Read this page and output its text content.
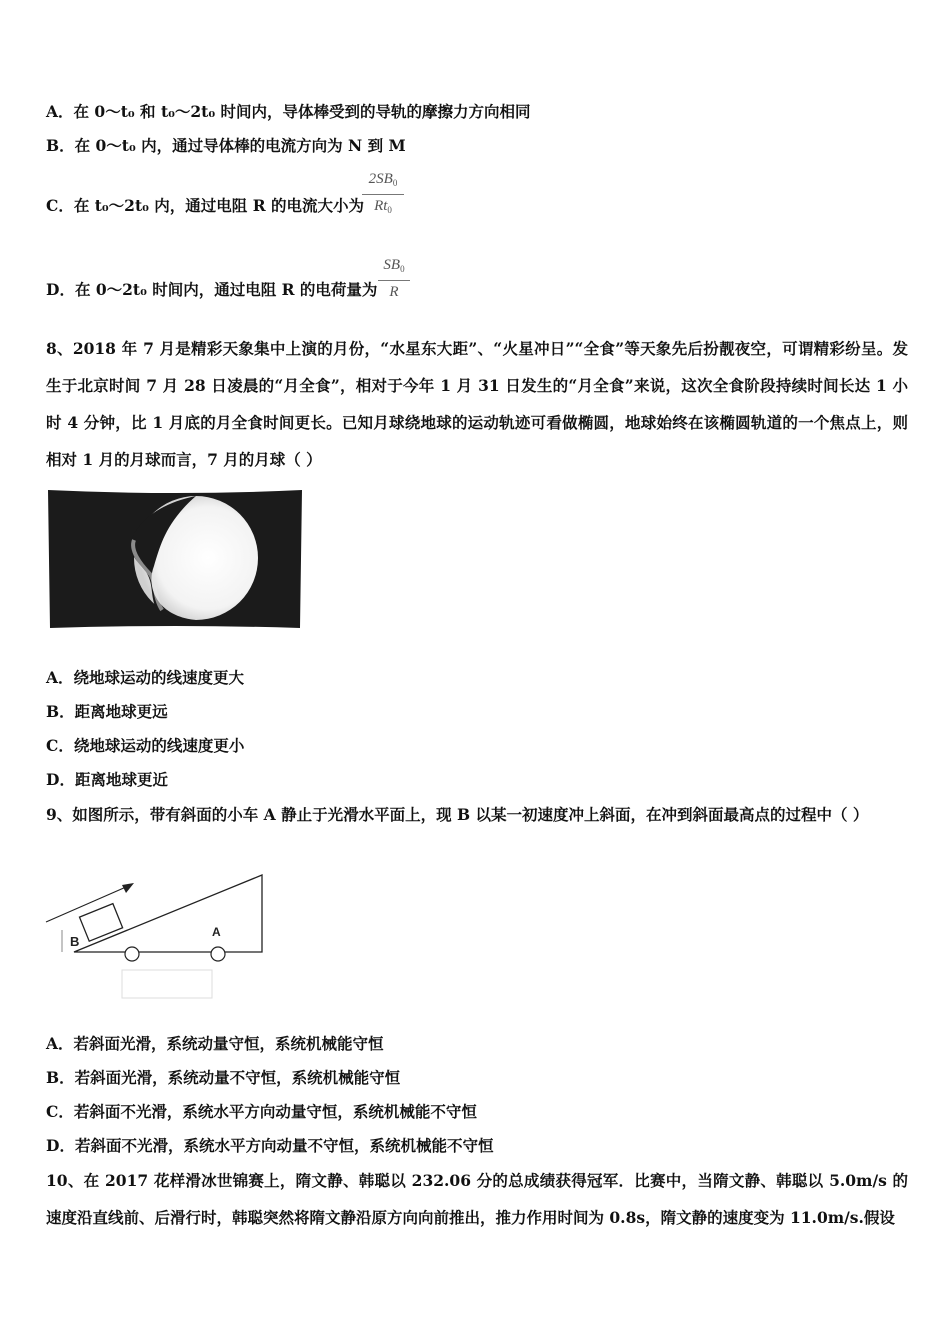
A．在 0～t₀ 和 t₀～2t₀ 时间内，导体棒受到的导轨的摩擦力方向相同
B．在 0～t₀ 内，通过导体棒的电流方向为 N 到 M
C．在 t₀～2t₀ 内，通过电阻 R 的电流大小为
$2SB_0$
$Rt_0$
D．在 0～2t₀ 时间内，通过电阻 R 的电荷量为
$SB_0$
R
8、2018 年 7 月是精彩天象集中上演的月份，“水星东大距”、“火星冲日”“全食”等天象先后扮靓夜空，可谓精彩纷呈。发生于北京时间 7 月 28 日凌晨的“月全食”，相对于今年 1 月 31 日发生的“月全食”来说，这次全食阶段持续时间长达 1 小时 4 分钟，比 1 月底的月全食时间更长。已知月球绕地球的运动轨迹可看做椭圆，地球始终在该椭圆轨道的一个焦点上，则相对 1 月的月球而言，7 月的月球（ ）
A．绕地球运动的线速度更大
B．距离地球更远
C．绕地球运动的线速度更小
D．距离地球更近
9、如图所示，带有斜面的小车 A 静止于光滑水平面上，现 B 以某一初速度冲上斜面，在冲到斜面最高点的过程中（ ）
B
A
A．若斜面光滑，系统动量守恒，系统机械能守恒
B．若斜面光滑，系统动量不守恒，系统机械能守恒
C．若斜面不光滑，系统水平方向动量守恒，系统机械能不守恒
D．若斜面不光滑，系统水平方向动量不守恒，系统机械能不守恒
10、在 2017 花样滑冰世锦赛上，隋文静、韩聪以 232.06 分的总成绩获得冠军．比赛中，当隋文静、韩聪以 5.0m/s 的速度沿直线前、后滑行时，韩聪突然将隋文静沿原方向向前推出，推力作用时间为 0.8s，隋文静的速度变为 11.0m/s.假设
